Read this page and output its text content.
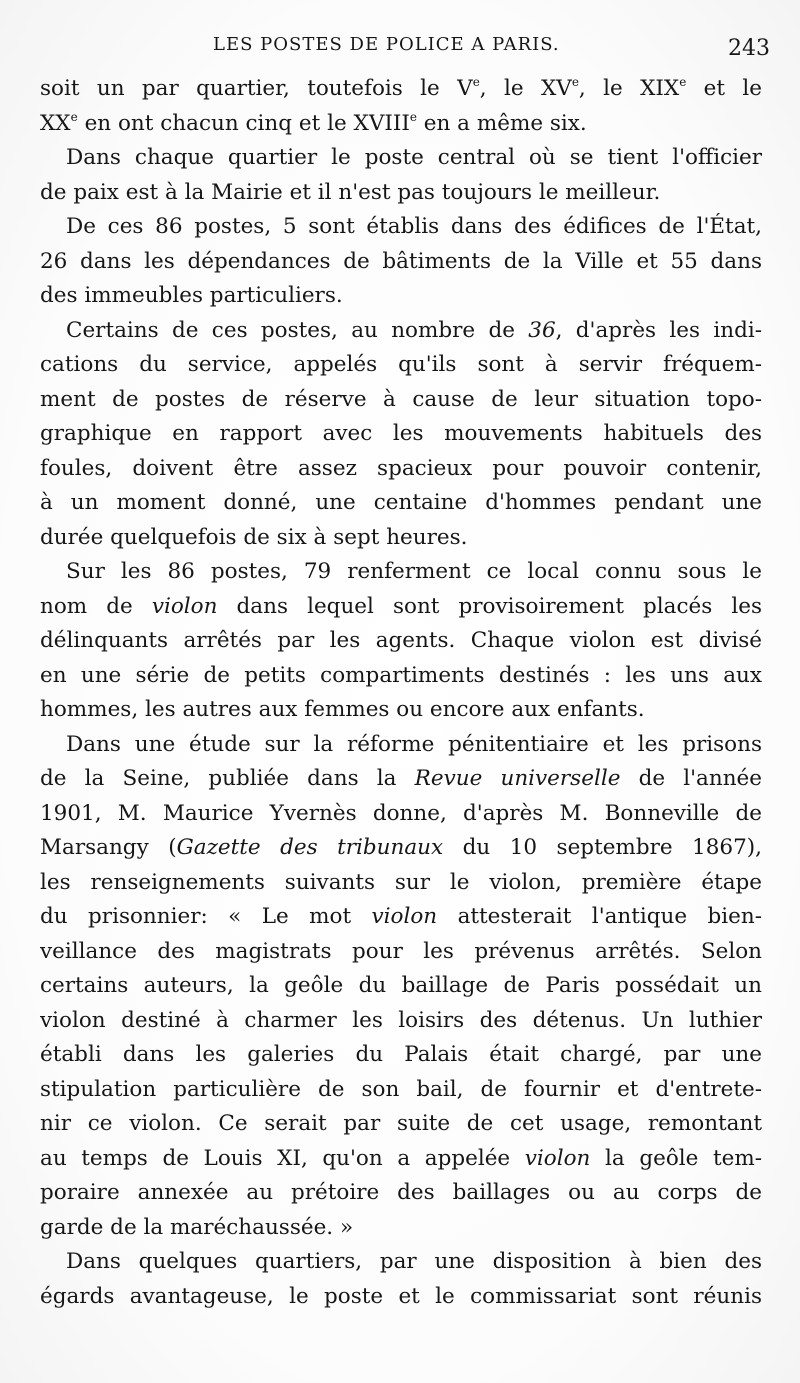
LES POSTES DE POLICE A PARIS.	243
soit un par quartier, toutefois le Ve, le XVe, le XIXe et le
XXe en ont chacun cinq et le XVIIIe en a même six.
Dans chaque quartier le poste central où se tient l'officier
de paix est à la Mairie et il n'est pas toujours le meilleur.
De ces 86 postes, 5 sont établis dans des édifices de l'État,
26 dans les dépendances de bâtiments de la Ville et 55 dans
des immeubles particuliers.
Certains de ces postes, au nombre de 36, d'après les indi-
cations du service, appelés qu'ils sont à servir fréquem-
ment de postes de réserve à cause de leur situation topo-
graphique en rapport avec les mouvements habituels des
foules, doivent être assez spacieux pour pouvoir contenir,
à un moment donné, une centaine d'hommes pendant une
durée quelquefois de six à sept heures.
Sur les 86 postes, 79 renferment ce local connu sous le
nom de violon dans lequel sont provisoirement placés les
délinquants arrêtés par les agents. Chaque violon est divisé
en une série de petits compartiments destinés : les uns aux
hommes, les autres aux femmes ou encore aux enfants.
Dans une étude sur la réforme pénitentiaire et les prisons
de la Seine, publiée dans la Revue universelle de l'année
1901, M. Maurice Yvernès donne, d'après M. Bonneville de
Marsangy (Gazette des tribunaux du 10 septembre 1867),
les renseignements suivants sur le violon, première étape
du prisonnier: « Le mot violon attesterait l'antique bien-
veillance des magistrats pour les prévenus arrêtés. Selon
certains auteurs, la geôle du baillage de Paris possédait un
violon destiné à charmer les loisirs des détenus. Un luthier
établi dans les galeries du Palais était chargé, par une
stipulation particulière de son bail, de fournir et d'entrete-
nir ce violon. Ce serait par suite de cet usage, remontant
au temps de Louis XI, qu'on a appelée violon la geôle tem-
poraire annexée au prétoire des baillages ou au corps de
garde de la maréchaussée. »
Dans quelques quartiers, par une disposition à bien des
égards avantageuse, le poste et le commissariat sont réunis
